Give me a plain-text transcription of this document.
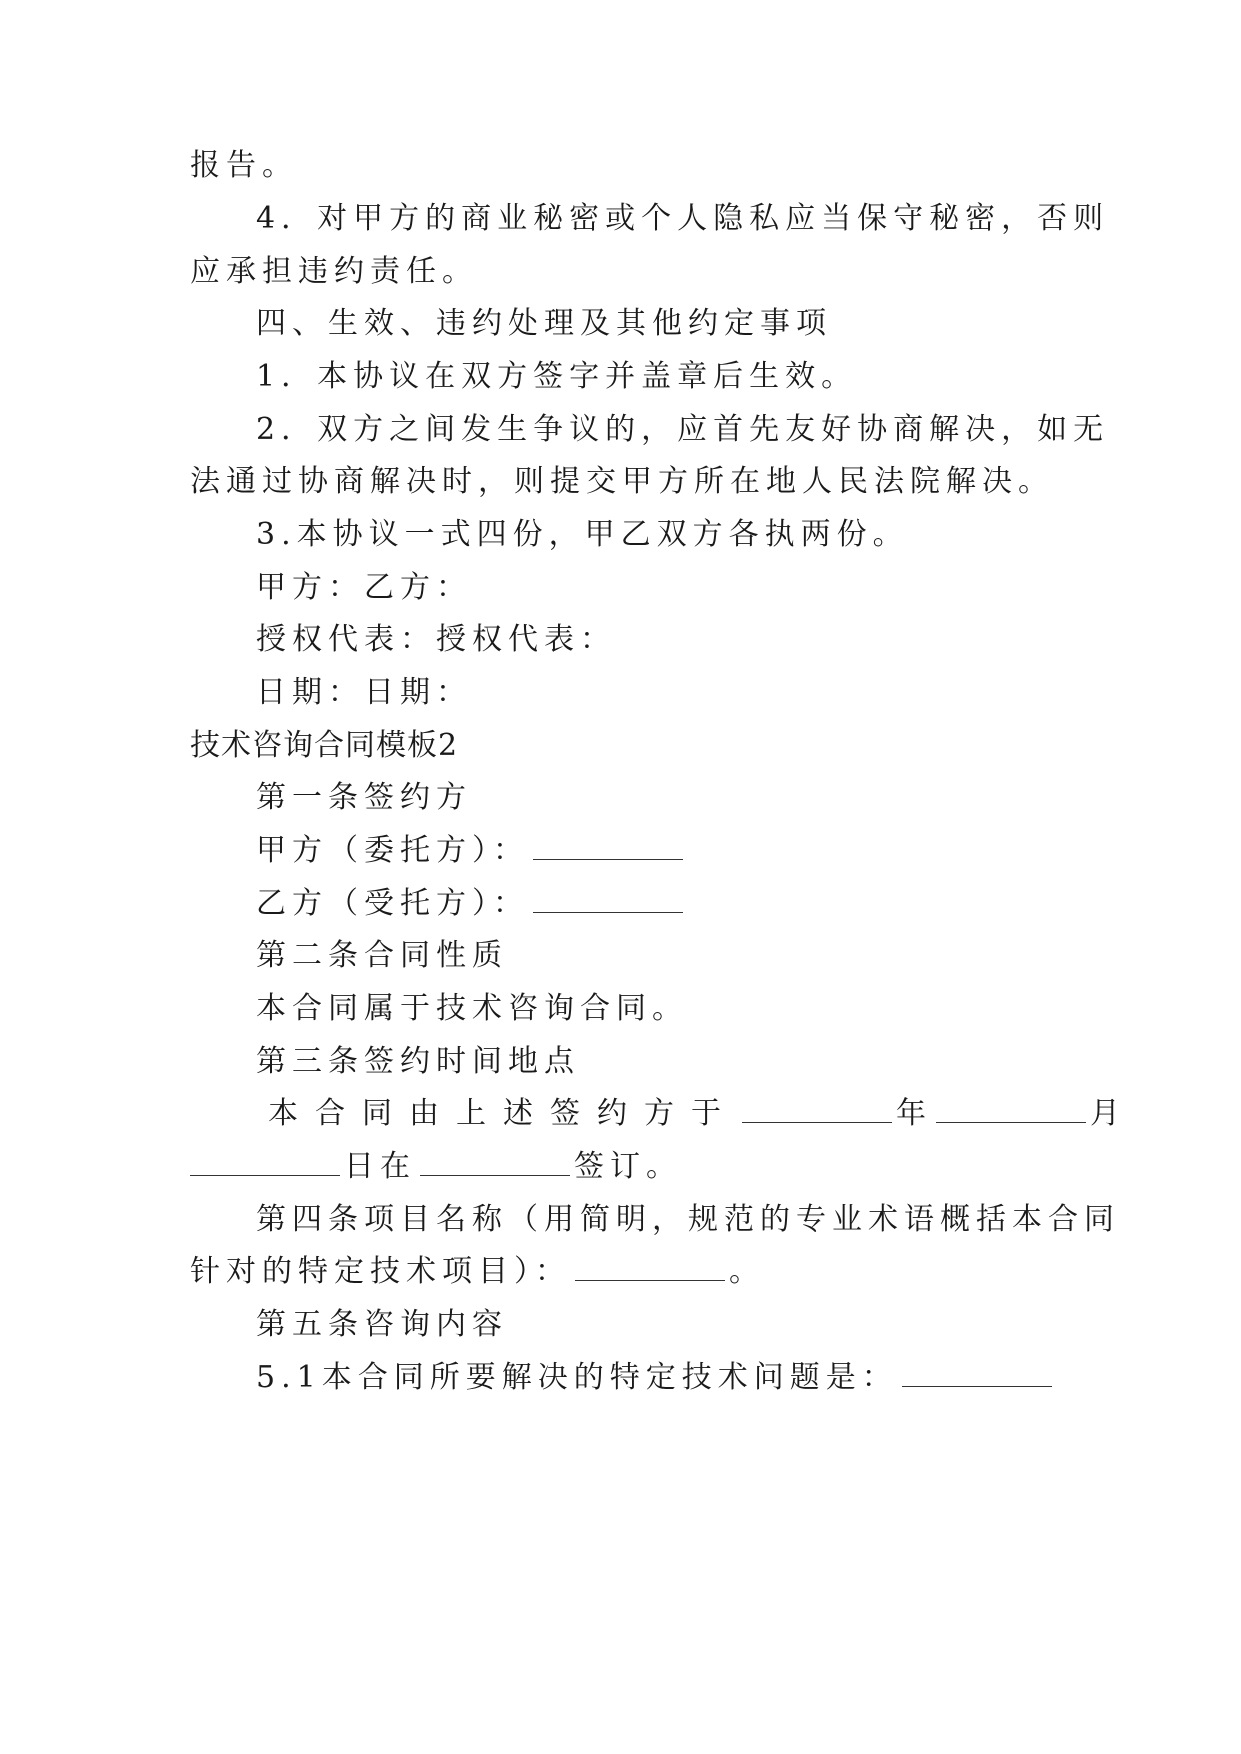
报告。
4．对甲方的商业秘密或个人隐私应当保守秘密，否则
应承担违约责任。
四、生效、违约处理及其他约定事项
1．本协议在双方签字并盖章后生效。
2．双方之间发生争议的，应首先友好协商解决，如无
法通过协商解决时，则提交甲方所在地人民法院解决。
3.本协议一式四份，甲乙双方各执两份。
甲方：乙方：
授权代表：授权代表：
日期：日期：
技术咨询合同模板2
第一条签约方
甲方（委托方）：
乙方（受托方）：
第二条合同性质
本合同属于技术咨询合同。
第三条签约时间地点
本合同由上述签约方于	年	月
日在	签订。
第四条项目名称（用简明，规范的专业术语概括本合同
针对的特定技术项目）：	。
第五条咨询内容
5.1本合同所要解决的特定技术问题是：
